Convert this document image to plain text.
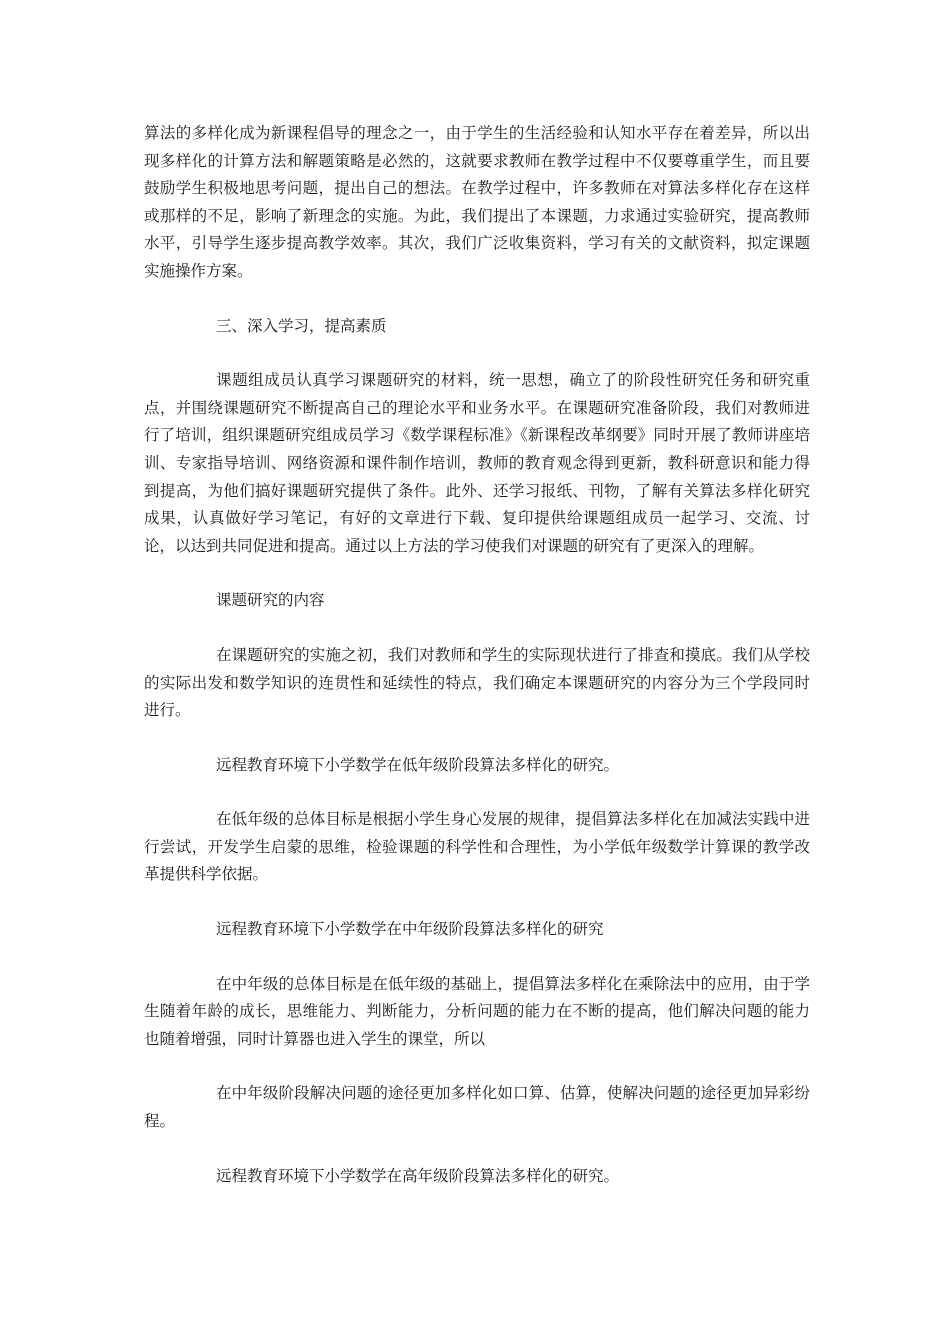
算法的多样化成为新课程倡导的理念之一，由于学生的生活经验和认知水平存在着差异，所以出现多样化的计算方法和解题策略是必然的，这就要求教师在教学过程中不仅要尊重学生，而且要鼓励学生积极地思考问题，提出自己的想法。在教学过程中，许多教师在对算法多样化存在这样或那样的不足，影响了新理念的实施。为此，我们提出了本课题，力求通过实验研究，提高教师水平，引导学生逐步提高教学效率。其次，我们广泛收集资料，学习有关的文献资料，拟定课题实施操作方案。

三、深入学习，提高素质

课题组成员认真学习课题研究的材料，统一思想，确立了的阶段性研究任务和研究重点，并围绕课题研究不断提高自己的理论水平和业务水平。在课题研究准备阶段，我们对教师进行了培训，组织课题研究组成员学习《数学课程标准》《新课程改革纲要》同时开展了教师讲座培训、专家指导培训、网络资源和课件制作培训，教师的教育观念得到更新，教科研意识和能力得到提高，为他们搞好课题研究提供了条件。此外、还学习报纸、刊物，了解有关算法多样化研究成果，认真做好学习笔记，有好的文章进行下载、复印提供给课题组成员一起学习、交流、讨论，以达到共同促进和提高。通过以上方法的学习使我们对课题的研究有了更深入的理解。

课题研究的内容

在课题研究的实施之初，我们对教师和学生的实际现状进行了排查和摸底。我们从学校的实际出发和数学知识的连贯性和延续性的特点，我们确定本课题研究的内容分为三个学段同时进行。

远程教育环境下小学数学在低年级阶段算法多样化的研究。

在低年级的总体目标是根据小学生身心发展的规律，提倡算法多样化在加减法实践中进行尝试，开发学生启蒙的思维，检验课题的科学性和合理性，为小学低年级数学计算课的教学改革提供科学依据。

远程教育环境下小学数学在中年级阶段算法多样化的研究

在中年级的总体目标是在低年级的基础上，提倡算法多样化在乘除法中的应用，由于学生随着年龄的成长，思维能力、判断能力，分析问题的能力在不断的提高，他们解决问题的能力也随着增强，同时计算器也进入学生的课堂，所以

在中年级阶段解决问题的途径更加多样化如口算、估算，使解决问题的途径更加异彩纷程。

远程教育环境下小学数学在高年级阶段算法多样化的研究。
